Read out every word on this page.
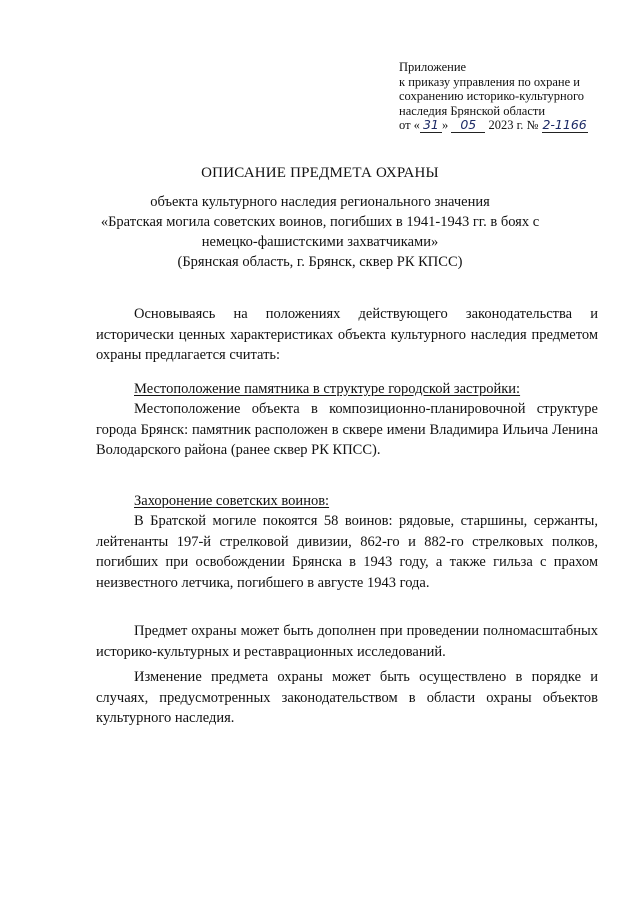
Приложение
к приказу управления по охране и
сохранению историко-культурного
наследия Брянской области
от « 31 » 05 2023 г. № 2-1166
ОПИСАНИЕ ПРЕДМЕТА ОХРАНЫ
объекта культурного наследия регионального значения
«Братская могила советских воинов, погибших в 1941-1943 гг. в боях с
немецко-фашистскими захватчиками»
(Брянская область, г. Брянск, сквер РК КПСС)

Основываясь на положениях действующего законодательства и исторически ценных характеристиках объекта культурного наследия предметом охраны предлагается считать:

Местоположение памятника в структуре городской застройки:

Местоположение объекта в композиционно-планировочной структуре города Брянск: памятник расположен в сквере имени Владимира Ильича Ленина Володарского района (ранее сквер РК КПСС).

Захоронение советских воинов:

В Братской могиле покоятся 58 воинов: рядовые, старшины, сержанты, лейтенанты 197-й стрелковой дивизии, 862-го и 882-го стрелковых полков, погибших при освобождении Брянска в 1943 году, а также гильза с прахом неизвестного летчика, погибшего в августе 1943 года.

Предмет охраны может быть дополнен при проведении полномасштабных историко-культурных и реставрационных исследований.

Изменение предмета охраны может быть осуществлено в порядке и случаях, предусмотренных законодательством в области охраны объектов культурного наследия.
